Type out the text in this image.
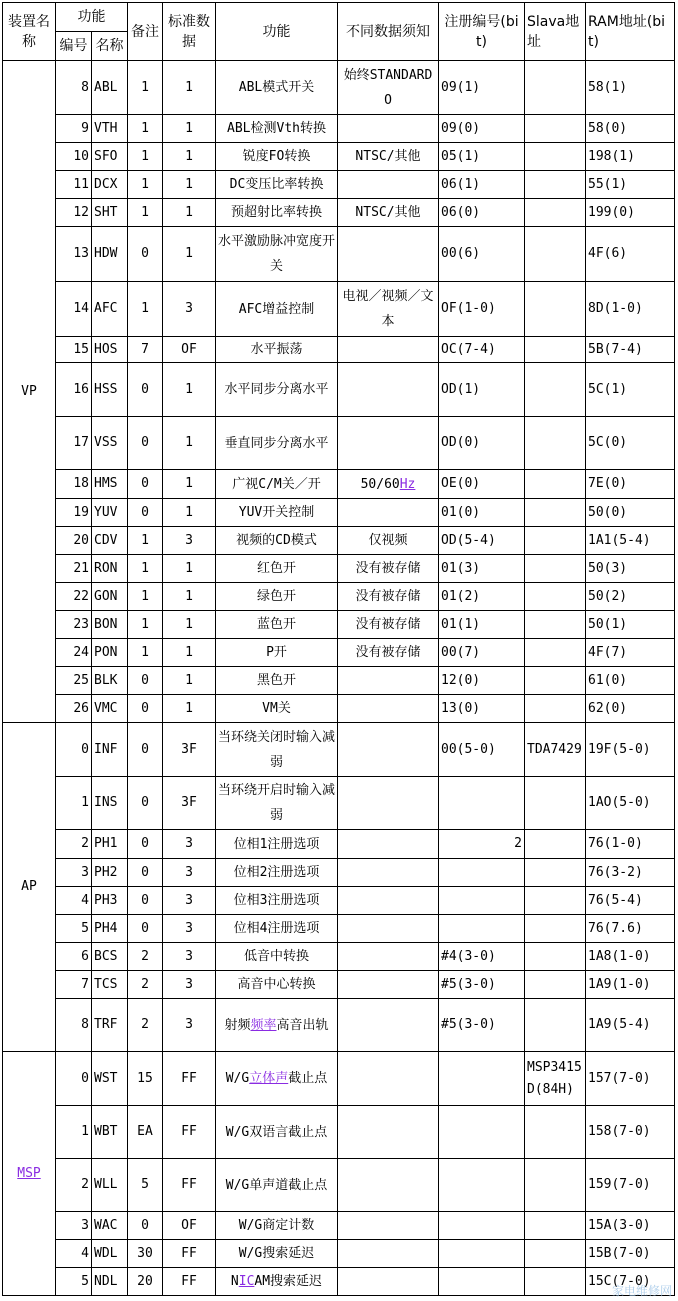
装置名称	功能		备注	标准数据	功能	不同数据须知	注册编号(bit)	Slava地址	RAM地址(bit)
	编号	名称							
VP	8	ABL	1	1	ABL模式开关	始终STANDARDO	09(1)		58(1)
	9	VTH	1	1	ABL检测Vth转换		09(0)		58(0)
	10	SFO	1	1	锐度FO转换	NTSC/其他	05(1)		198(1)
	11	DCX	1	1	DC变压比率转换		06(1)		55(1)
	12	SHT	1	1	预超射比率转换	NTSC/其他	06(0)		199(0)
	13	HDW	0	1	水平激励脉冲宽度开关		00(6)		4F(6)
	14	AFC	1	3	AFC增益控制	电视／视频／文本	OF(1-0)		8D(1-0)
	15	HOS	7	OF	水平振荡		OC(7-4)		5B(7-4)
	16	HSS	0	1	水平同步分离水平		OD(1)		5C(1)
	17	VSS	0	1	垂直同步分离水平		OD(0)		5C(0)
	18	HMS	0	1	广视C/M关／开	50/60Hz	OE(0)		7E(0)
	19	YUV	0	1	YUV开关控制		01(0)		50(0)
	20	CDV	1	3	视频的CD模式	仅视频	OD(5-4)		1A1(5-4)
	21	RON	1	1	红色开	没有被存储	01(3)		50(3)
	22	GON	1	1	绿色开	没有被存储	01(2)		50(2)
	23	BON	1	1	蓝色开	没有被存储	01(1)		50(1)
	24	PON	1	1	P开	没有被存储	00(7)		4F(7)
	25	BLK	0	1	黑色开		12(0)		61(0)
	26	VMC	0	1	VM关		13(0)		62(0)
AP	0	INF	0	3F	当环绕关闭时输入减弱		00(5-0)	TDA7429	19F(5-0)
	1	INS	0	3F	当环绕开启时输入减弱				1AO(5-0)
	2	PH1	0	3	位相1注册选项		2		76(1-0)
	3	PH2	0	3	位相2注册选项				76(3-2)
	4	PH3	0	3	位相3注册选项				76(5-4)
	5	PH4	0	3	位相4注册选项				76(7.6)
	6	BCS	2	3	低音中转换		#4(3-0)		1A8(1-0)
	7	TCS	2	3	高音中心转换		#5(3-0)		1A9(1-0)
	8	TRF	2	3	射频频率高音出轨		#5(3-0)		1A9(5-4)
MSP	0	WST	15	FF	W/G立体声截止点			MSP3415D(84H)	157(7-0)
	1	WBT	EA	FF	W/G双语言截止点				158(7-0)
	2	WLL	5	FF	W/G单声道截止点				159(7-0)
	3	WAC	0	OF	W/G商定计数				15A(3-0)
	4	WDL	30	FF	W/G搜索延迟				15B(7-0)
	5	NDL	20	FF	NICAM搜索延迟				15C(7-0)
家电维修网
